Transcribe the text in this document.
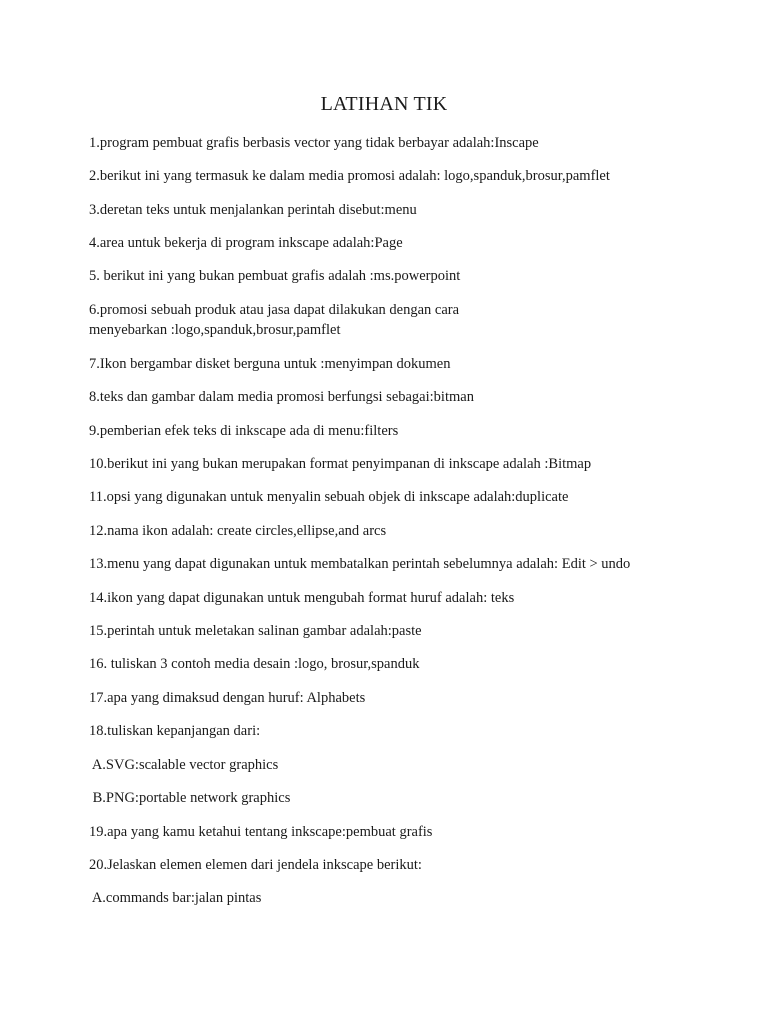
LATIHAN TIK
1.program pembuat grafis berbasis vector yang tidak berbayar adalah:Inscape
2.berikut ini yang termasuk ke dalam media promosi adalah: logo,spanduk,brosur,pamflet
3.deretan teks untuk menjalankan perintah disebut:menu
4.area untuk bekerja di program inkscape adalah:Page
5. berikut ini yang bukan pembuat grafis adalah :ms.powerpoint
6.promosi sebuah produk atau jasa dapat dilakukan dengan cara
menyebarkan :logo,spanduk,brosur,pamflet
7.Ikon bergambar disket berguna untuk :menyimpan dokumen
8.teks dan gambar dalam media promosi berfungsi sebagai:bitman
9.pemberian efek teks di inkscape ada di menu:filters
10.berikut ini yang bukan merupakan format penyimpanan di inkscape adalah :Bitmap
11.opsi yang digunakan untuk menyalin sebuah objek di inkscape adalah:duplicate
12.nama ikon adalah: create circles,ellipse,and arcs
13.menu yang dapat digunakan untuk membatalkan perintah sebelumnya adalah: Edit > undo
14.ikon yang dapat digunakan untuk mengubah format huruf adalah: teks
15.perintah untuk meletakan salinan gambar adalah:paste
16. tuliskan 3 contoh media desain :logo, brosur,spanduk
17.apa yang dimaksud dengan huruf: Alphabets
18.tuliskan kepanjangan dari:
A.SVG:scalable vector graphics
B.PNG:portable network graphics
19.apa yang kamu ketahui tentang inkscape:pembuat grafis
20.Jelaskan elemen elemen dari jendela inkscape berikut:
A.commands bar:jalan pintas
